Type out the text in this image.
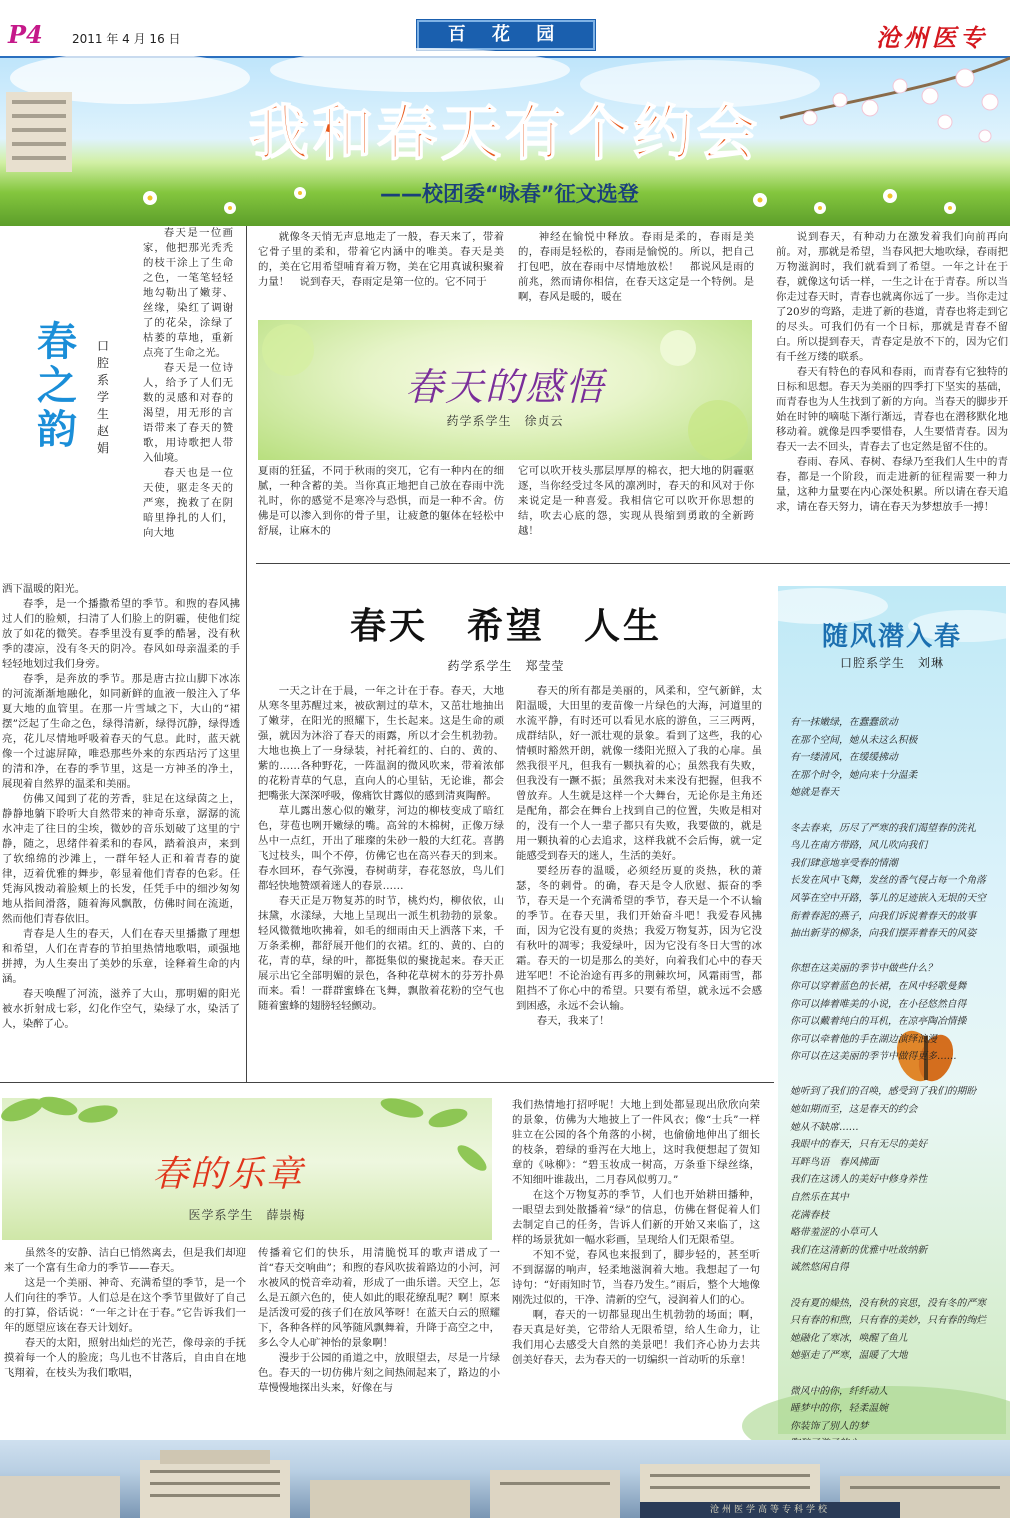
P4 2011 年 4 月 16 日	百 花 园	沧州医专
我和春天有个约会
——校团委“咏春”征文选登
春之韵
口腔系学生　赵娟

春天是一位画家，他把那光秃秃的枝干涂上了生命之色，一笔笔轻轻地勾勒出了嫩芽、丝缘，染红了调谢了的花朵，涂绿了枯萎的草地，重新点亮了生命之光。

春天是一位诗人，给予了人们无数的灵感和对春的渴望，用无形的言语带来了春天的赞歌，用诗歌把人带入仙境。

春天也是一位天使，驱走冬天的严寒，挽救了在阴暗里挣扎的人们，向大地

洒下温暖的阳光。

春季，是一个播撒希望的季节。和煦的春风拂过人们的脸颊，扫清了人们脸上的阴霾，使他们绽放了如花的微笑。春季里没有夏季的酷暑，没有秋季的凄凉，没有冬天的阴冷。春风如母亲温柔的手轻轻地划过我们身旁。

春季，是奔放的季节。那是唐古拉山脚下冰冻的河流渐渐地融化，如同新鲜的血液一般注入了华夏大地的血管里。在那一片雪域之下，大山的“裙摆”泛起了生命之色，绿得清新，绿得沉静，绿得透亮，花儿尽情地呼吸着春天的气息。此时，蓝天就像一个过滤屏障，唯恐那些外来的东西玷污了这里的清和净，在春的季节里，这是一方神圣的净土，展现着自然界的温柔和美丽。

仿佛又闻到了花的芳香，驻足在这绿茵之上，静静地躺下聆听大自然带来的神奇乐章，潺潺的流水冲走了往日的尘埃，微妙的音乐划破了这里的宁静，随之，思绪伴着柔和的春风，踏着浪声，来到了软绵绵的沙滩上，一群年轻人正和着青春的旋律，迈着优雅的舞步，彰显着他们青春的色彩。任凭海风拨动着脸颊上的长发，任凭手中的细沙匆匆地从指间滑落，随着海风飘散，仿佛时间在流逝，然而他们青春依旧。

青春是人生的春天，人们在春天里播撒了理想和希望，人们在青春的节拍里热情地歌唱，顽强地拼搏，为人生奏出了美妙的乐章，诠释着生命的内涵。

春天唤醒了河流，滋养了大山，那明媚的阳光被水折射成七彩，幻化作空气，染绿了水，染活了人，染醉了心。

就像冬天悄无声息地走了一般，春天来了，带着它骨子里的柔和，带着它内涵中的唯美。春天是美的，美在它用希望哺育着万物，美在它用真诚积聚着力量！　说到春天，春雨定是第一位的。它不同于

神经在愉悦中释放。春雨是柔的，春雨是美的，春雨是轻松的，春雨是愉悦的。所以，把自己打包吧，放在春雨中尽情地放松！　都说风是雨的前兆，然而请你相信，在春天这定是一个特例。是啊，春风是暖的，暖在

春天的感悟
药学系学生　徐贞云
夏雨的狂猛，不同于秋雨的突兀，它有一种内在的细腻，一种含蓄的美。当你真正地把自己放在春雨中洗礼时，你的感觉不是寒冷与恐惧，而是一种不舍。仿佛是可以渗入到你的骨子里，让疲惫的躯体在轻松中舒展，让麻木的
它可以吹开枝头那层厚厚的棉衣，把大地的阴霾驱逐，当你经受过冬风的凛冽时，春天的和风对于你来说定是一种喜爱。我相信它可以吹开你思想的结，吹去心底的怨，实现从畏缩到勇敢的全新跨越！

说到春天，有种动力在激发着我们向前再向前。对，那就是希望，当春风把大地吹绿，春雨把万物滋润时，我们就看到了希望。一年之计在于春，就像这句话一样，一生之计在于青春。所以当你走过春天时，青春也就离你远了一步。当你走过了20岁的弯路，走进了新的巷道，青春也将走到它的尽头。可我们仍有一个日标，那就是青春不留白。所以提到春天，青春定是放不下的，因为它们有千丝万缕的联系。

春天有特色的春风和春雨，而青春有它独特的日标和思想。春天为美丽的四季打下坚实的基础，而青春也为人生找到了新的方向。当春天的脚步开始在时钟的嘀哒下渐行渐远，青春也在潜移默化地移动着。就像是四季要惜春，人生要惜青春。因为春天一去不回头，青春去了也定然是留不住的。

春雨、春风、春树、春绿乃至我们人生中的青春，都是一个阶段，而走进新的征程需要一种力量，这种力量要在内心深处积累。所以请在春天追求，请在春天努力，请在春天为梦想放手一搏！

春天　希望　人生
药学系学生　郑莹莹

一天之计在于晨，一年之计在于春。春天，大地从寒冬里苏醒过来，被砍割过的草木，又茁壮地抽出了嫩芽，在阳光的照耀下，生长起来。这是生命的顽强，就因为沐浴了春天的雨露，所以才会生机勃勃。大地也换上了一身绿装，衬托着红的、白的、黄的、紫的……各种野花，一阵温润的微风吹来，带着浓郁的花粉青草的气息，直向人的心里钻，无论谁，都会把嘴张大深深呼吸，像痛饮甘露似的感到清爽陶醉。

草儿露出葱心似的嫩芽，河边的柳枝变成了暗红色，芽苞也咧开嫩绿的嘴。高耸的木棉树，正像万绿丛中一点红，开出了璀璨的朱砂一般的大红花。喜鹊飞过枝头，叫个不停，仿佛它也在高兴春天的到来。春水回环，春气弥漫，春树萌芽，春花怒放，鸟儿们都轻快地赞颂着迷人的春景……

春天正是万物复苏的时节，桃灼灼，柳依依，山抹黛，水漾绿，大地上呈现出一派生机勃勃的景象。轻风微微地吹拂着，如毛的细雨由天上洒落下来，千万条柔柳，都舒展开他们的衣裙。红的、黄的、白的花，青的草，绿的叶，都挺集似的聚拢起来。春天正展示出它全部明媚的景色，各种花草树木的芬芳扑鼻而来。看！一群群蜜蜂在飞舞，飘散着花粉的空气也随着蜜蜂的翅膀轻轻颤动。

春天的所有都是美丽的，风柔和，空气新鲜，太阳温暖，大田里的麦苗像一片绿色的大海，河道里的水流平静，有时还可以看见水底的游鱼，三三两两，成群结队，好一派壮观的景象。看到了这些，我的心情顿时豁然开朗，就像一缕阳光照入了我的心扉。虽然我很平凡，但我有一颗执着的心；虽然我有失败，但我没有一蹶不振；虽然我对未来没有把握，但我不曾放弃。人生就是这样一个大舞台，无论你是主角还是配角，都会在舞台上找到自己的位置，失败是相对的，没有一个人一辈子都只有失败，我要做的，就是用一颗执着的心去追求，这样我就不会后悔，就一定能感受到春天的迷人，生活的美好。

要经历春的温暖，必须经历夏的炎热，秋的萧瑟，冬的刺骨。的确，春天是令人欣慰、振奋的季节，春天是一个充满希望的季节，春天是一个不认输的季节。在春天里，我们开始奋斗吧！我爱春风拂面，因为它没有夏的炎热；我爱万物复苏，因为它没有秋叶的凋零；我爱绿叶，因为它没有冬日大雪的冰霜。春天的一切是那么的美好，向着我们心中的春天进军吧！不论治途有再多的荆棘坎坷，风霜雨雪，都阻挡不了你心中的希望。只要有希望，就永远不会感到困惑，永远不会认输。

春天，我来了！

随风潜入春
口腔系学生　刘琳
有一抹嫩绿，在蠢蠢欲动
在那个空间，她从未这么积极
有一缕清风，在缓缓拂动
在那个时令，她向来十分温柔
她就是春天
冬去春来，历尽了严寒的我们渴望春的洗礼
鸟儿在南方带路，风儿吹向我们
我们肆意地享受春的情潮
长发在风中飞舞，发丝的香气侵占每一个角落
风筝在空中开路，筝儿的足迹嵌入无垠的天空
衔着春泥的燕子，向我们诉说着春天的故事
抽出新芽的柳条，向我们摆弄着春天的风姿
你想在这美丽的季节中做些什么？
你可以穿着蓝色的长裙，在风中轻歌曼舞
你可以捧着唯美的小说，在小径悠然自得
你可以戴着纯白的耳机，在凉亭陶冶情操
你可以牵着他的手在湖边演绎浪漫
你可以在这美丽的季节中做得更多……
她听到了我们的召唤，感受到了我们的期盼
她如期而至，这是春天的约会
她从不缺席……
我眼中的春天，只有无尽的美好
耳畔鸟语　春风拂面
我们在这诱人的美好中修身养性
自然乐在其中
花满春枝
略带羞涩的小草可人
我们在这清新的优雅中吐故纳新
诚然悠闲自得
没有夏的燥热，没有秋的哀思，没有冬的严寒
只有春的和煦，只有春的美妙，只有春的绚烂
她融化了寒冰，唤醒了鱼儿
她驱走了严寒，温暖了大地
微风中的你，纤纤动人
睡梦中的你，轻柔温婉
你装饰了别人的梦
春的乐章
医学系学生　薛崇梅

虽然冬的安静、洁白已悄然离去，但是我们却迎来了一个富有生命力的季节——春天。

这是一个美丽、神奇、充满希望的季节，是一个人们向往的季节。人们总是在这个季节里做好了自己的打算，俗话说：“一年之计在于春。”它告诉我们一年的愿望应该在春天计划好。

春天的太阳，照射出灿烂的光芒，像母亲的手抚摸着每一个人的脸庞；鸟儿也不甘落后，自由自在地飞翔着，在枝头为我们歌唱，

传播着它们的快乐，用清脆悦耳的歌声谱成了一首“春天交响曲”；和煦的春风吹拔着路边的小河，河水被风的悦音牵动着，形成了一曲乐谱。天空上，怎么是五颜六色的，使人如此的眼花缭乱呢？啊！原来是活泼可爱的孩子们在放风筝呀！在蓝天白云的照耀下，各种各样的风筝随风飘舞着，升降于高空之中，多么令人心旷神怡的景象啊！

漫步于公园的甬道之中，放眼望去，尽是一片绿色。春天的一切仿佛片刻之间热闹起来了，路边的小草慢慢地探出头来，好像在与

我们热情地打招呼呢！大地上到处都显现出欣欣向荣的景象，仿佛为大地披上了一件风衣；像“士兵”一样驻立在公园的各个角落的小树，也偷偷地伸出了细长的枝条，碧绿的垂泻在大地上，这时我便想起了贺知章的《咏柳》：“碧玉妆成一树高，万条垂下绿丝绦，不知细叶谁裁出，二月春风似剪刀。”

在这个万物复苏的季节，人们也开始耕田播种，一眼望去到处散播着“绿”的信息，仿佛在督促着人们去制定自己的任务，告诉人们新的开始又来临了，这样的场景犹如一幅水彩画，呈现给人们无限希望。

不知不觉，春风也来报到了，脚步轻的，甚至听不到潺潺的响声，轻柔地滋润着大地。我想起了一句诗句：“好雨知时节，当春乃发生。”雨后，整个大地像刚洗过似的，干净、清新的空气，浸润着人们的心。

啊，春天的一切都显现出生机勃勃的场面；啊，春天真是好美，它带给人无限希望，给人生命力，让我们用心去感受大自然的美景吧！我们齐心协力去共创美好春天，去为春天的一切编织一首动听的乐章！

沧州医学高等专科学校
